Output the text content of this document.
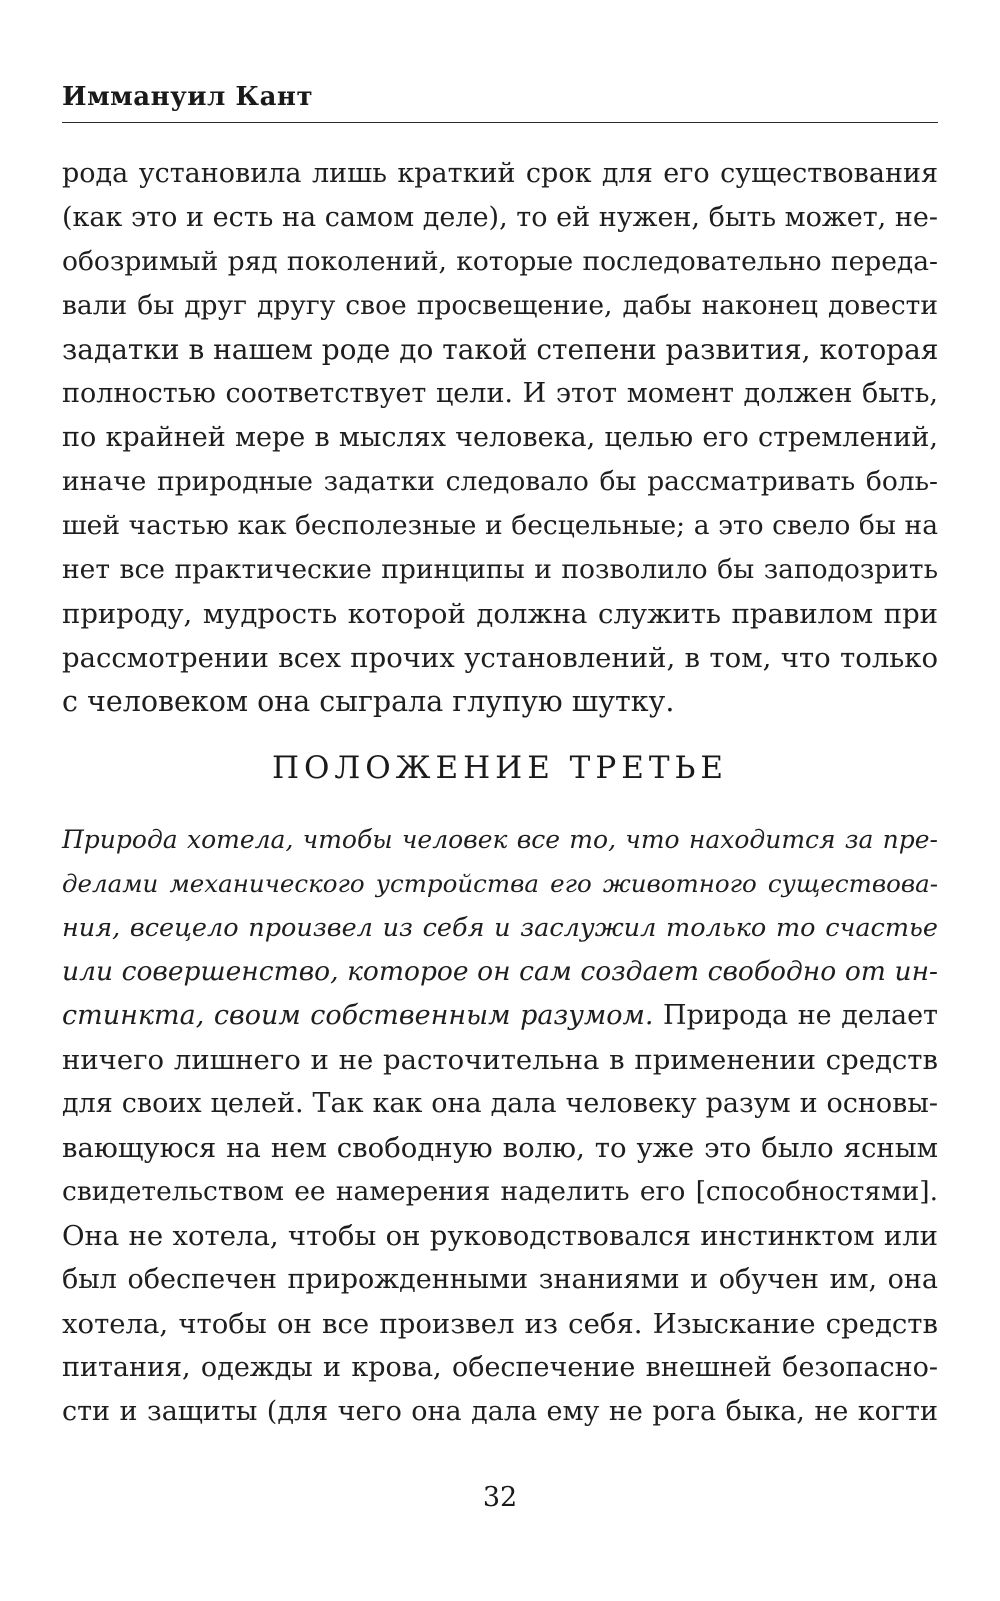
Иммануил Кант
рода установила лишь краткий срок для его существования
(как это и есть на самом деле), то ей нужен, быть может, не-
обозримый ряд поколений, которые последовательно переда-
вали бы друг другу свое просвещение, дабы наконец довести
задатки в нашем роде до такой степени развития, которая
полностью соответствует цели. И этот момент должен быть,
по крайней мере в мыслях человека, целью его стремлений,
иначе природные задатки следовало бы рассматривать боль-
шей частью как бесполезные и бесцельные; а это свело бы на
нет все практические принципы и позволило бы заподозрить
природу, мудрость которой должна служить правилом при
рассмотрении всех прочих установлений, в том, что только
с человеком она сыграла глупую шутку.
ПОЛОЖЕНИЕ ТРЕТЬЕ
Природа хотела, чтобы человек все то, что находится за пре-
делами механического устройства его животного существова-
ния, всецело произвел из себя и заслужил только то счастье
или совершенство, которое он сам создает свободно от ин-
стинкта, своим собственным разумом. Природа не делает
ничего лишнего и не расточительна в применении средств
для своих целей. Так как она дала человеку разум и основы-
вающуюся на нем свободную волю, то уже это было ясным
свидетельством ее намерения наделить его [способностями].
Она не хотела, чтобы он руководствовался инстинктом или
был обеспечен прирожденными знаниями и обучен им, она
хотела, чтобы он все произвел из себя. Изыскание средств
питания, одежды и крова, обеспечение внешней безопасно-
сти и защиты (для чего она дала ему не рога быка, не когти
32
